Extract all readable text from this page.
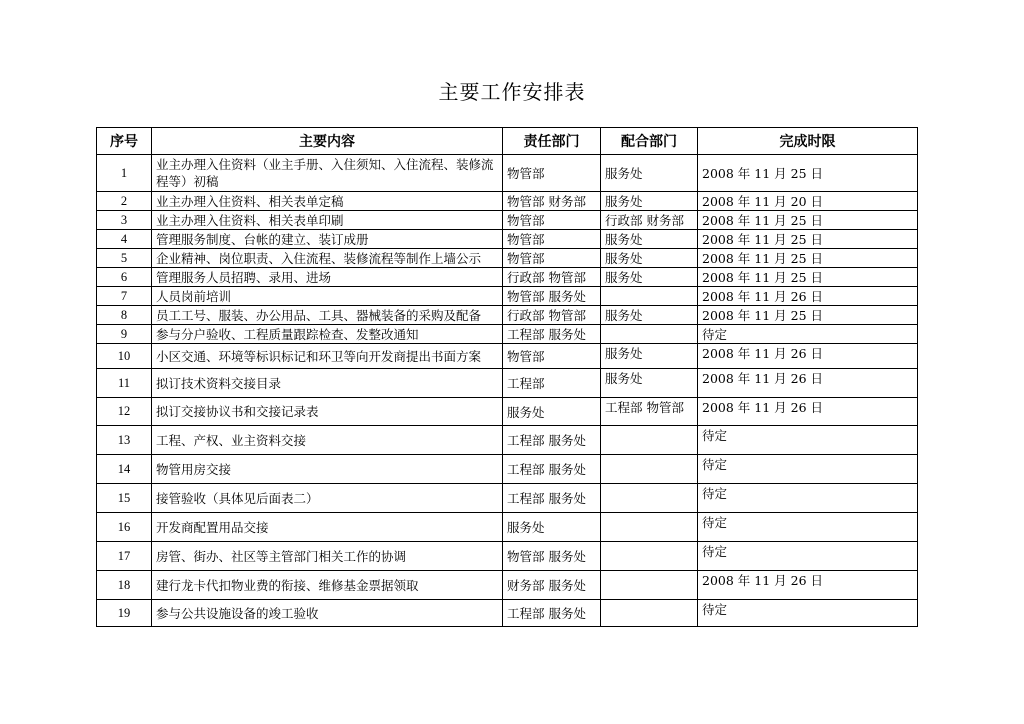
主要工作安排表
序号	主要内容	责任部门	配合部门	完成时限
1	业主办理入住资料（业主手册、入住须知、入住流程、装修流程等）初稿	物管部	服务处	2008 年 11 月 25 日
2	业主办理入住资料、相关表单定稿	物管部 财务部	服务处	2008 年 11 月 20 日
3	业主办理入住资料、相关表单印刷	物管部	行政部 财务部	2008 年 11 月 25 日
4	管理服务制度、台帐的建立、装订成册	物管部	服务处	2008 年 11 月 25 日
5	企业精神、岗位职责、入住流程、装修流程等制作上墙公示	物管部	服务处	2008 年 11 月 25 日
6	管理服务人员招聘、录用、进场	行政部 物管部	服务处	2008 年 11 月 25 日
7	人员岗前培训	物管部 服务处		2008 年 11 月 26 日
8	员工工号、服装、办公用品、工具、器械装备的采购及配备	行政部 物管部	服务处	2008 年 11 月 25 日
9	参与分户验收、工程质量跟踪检查、发整改通知	工程部 服务处		待定
10	小区交通、环境等标识标记和环卫等向开发商提出书面方案	物管部	服务处	2008 年 11 月 26 日
11	拟订技术资料交接目录	工程部	服务处	2008 年 11 月 26 日
12	拟订交接协议书和交接记录表	服务处	工程部 物管部	2008 年 11 月 26 日
13	工程、产权、业主资料交接	工程部 服务处		待定
14	物管用房交接	工程部 服务处		待定
15	接管验收（具体见后面表二）	工程部 服务处		待定
16	开发商配置用品交接	服务处		待定
17	房管、街办、社区等主管部门相关工作的协调	物管部 服务处		待定
18	建行龙卡代扣物业费的衔接、维修基金票据领取	财务部 服务处		2008 年 11 月 26 日
19	参与公共设施设备的竣工验收	工程部 服务处		待定
